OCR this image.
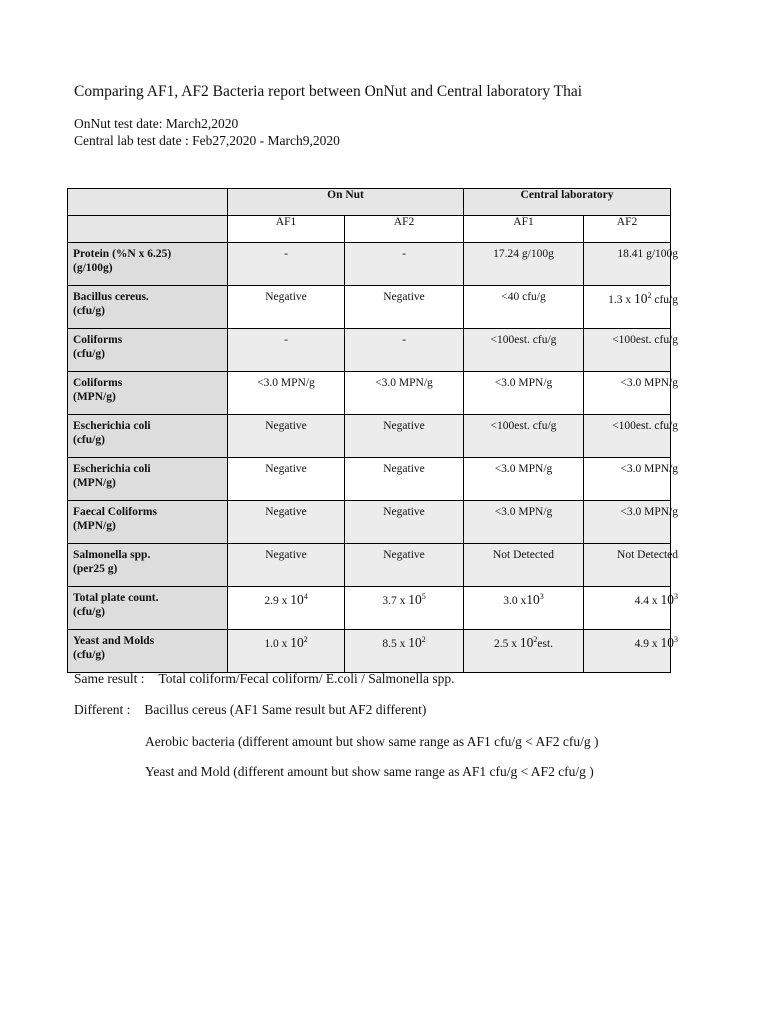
Comparing AF1, AF2 Bacteria report between OnNut and Central laboratory Thai
OnNut test date: March2,2020
Central lab test date : Feb27,2020 - March9,2020
	On Nut		Central laboratory	
	AF1	AF2	AF1	AF2

Protein (%N x 6.25)
(g/100g)	-	-	17.24 g/100g	18.41 g/100g

Bacillus cereus.
(cfu/g)	Negative	Negative	<40 cfu/g	1.3 x $10^2$ cfu/g

Coliforms
(cfu/g)	-	-	<100est. cfu/g	<100est. cfu/g

Coliforms
(MPN/g)	<3.0 MPN/g	<3.0 MPN/g	<3.0 MPN/g	<3.0 MPN/g

Escherichia coli
(cfu/g)	Negative	Negative	<100est. cfu/g	<100est. cfu/g

Escherichia coli
(MPN/g)	Negative	Negative	<3.0 MPN/g	<3.0 MPN/g

Faecal Coliforms
(MPN/g)	Negative	Negative	<3.0 MPN/g	<3.0 MPN/g

Salmonella spp.
(per25 g)	Negative	Negative	Not Detected	Not Detected

Total plate count.
(cfu/g)	2.9 x $10^4$	3.7 x $10^5$	3.0 $x10^3$	4.4 x $10^3$

Yeast and Molds
(cfu/g)	1.0 x $10^2$	8.5 x $10^2$	2.5 x $10^2est$.	4.9 x $10^3$
Same result : Total coliform/Fecal coliform/ E.coli / Salmonella spp.
Different : Bacillus cereus (AF1 Same result but AF2 different)
Aerobic bacteria (different amount but show same range as AF1 cfu/g < AF2 cfu/g )
Yeast and Mold (different amount but show same range as AF1 cfu/g < AF2 cfu/g )
